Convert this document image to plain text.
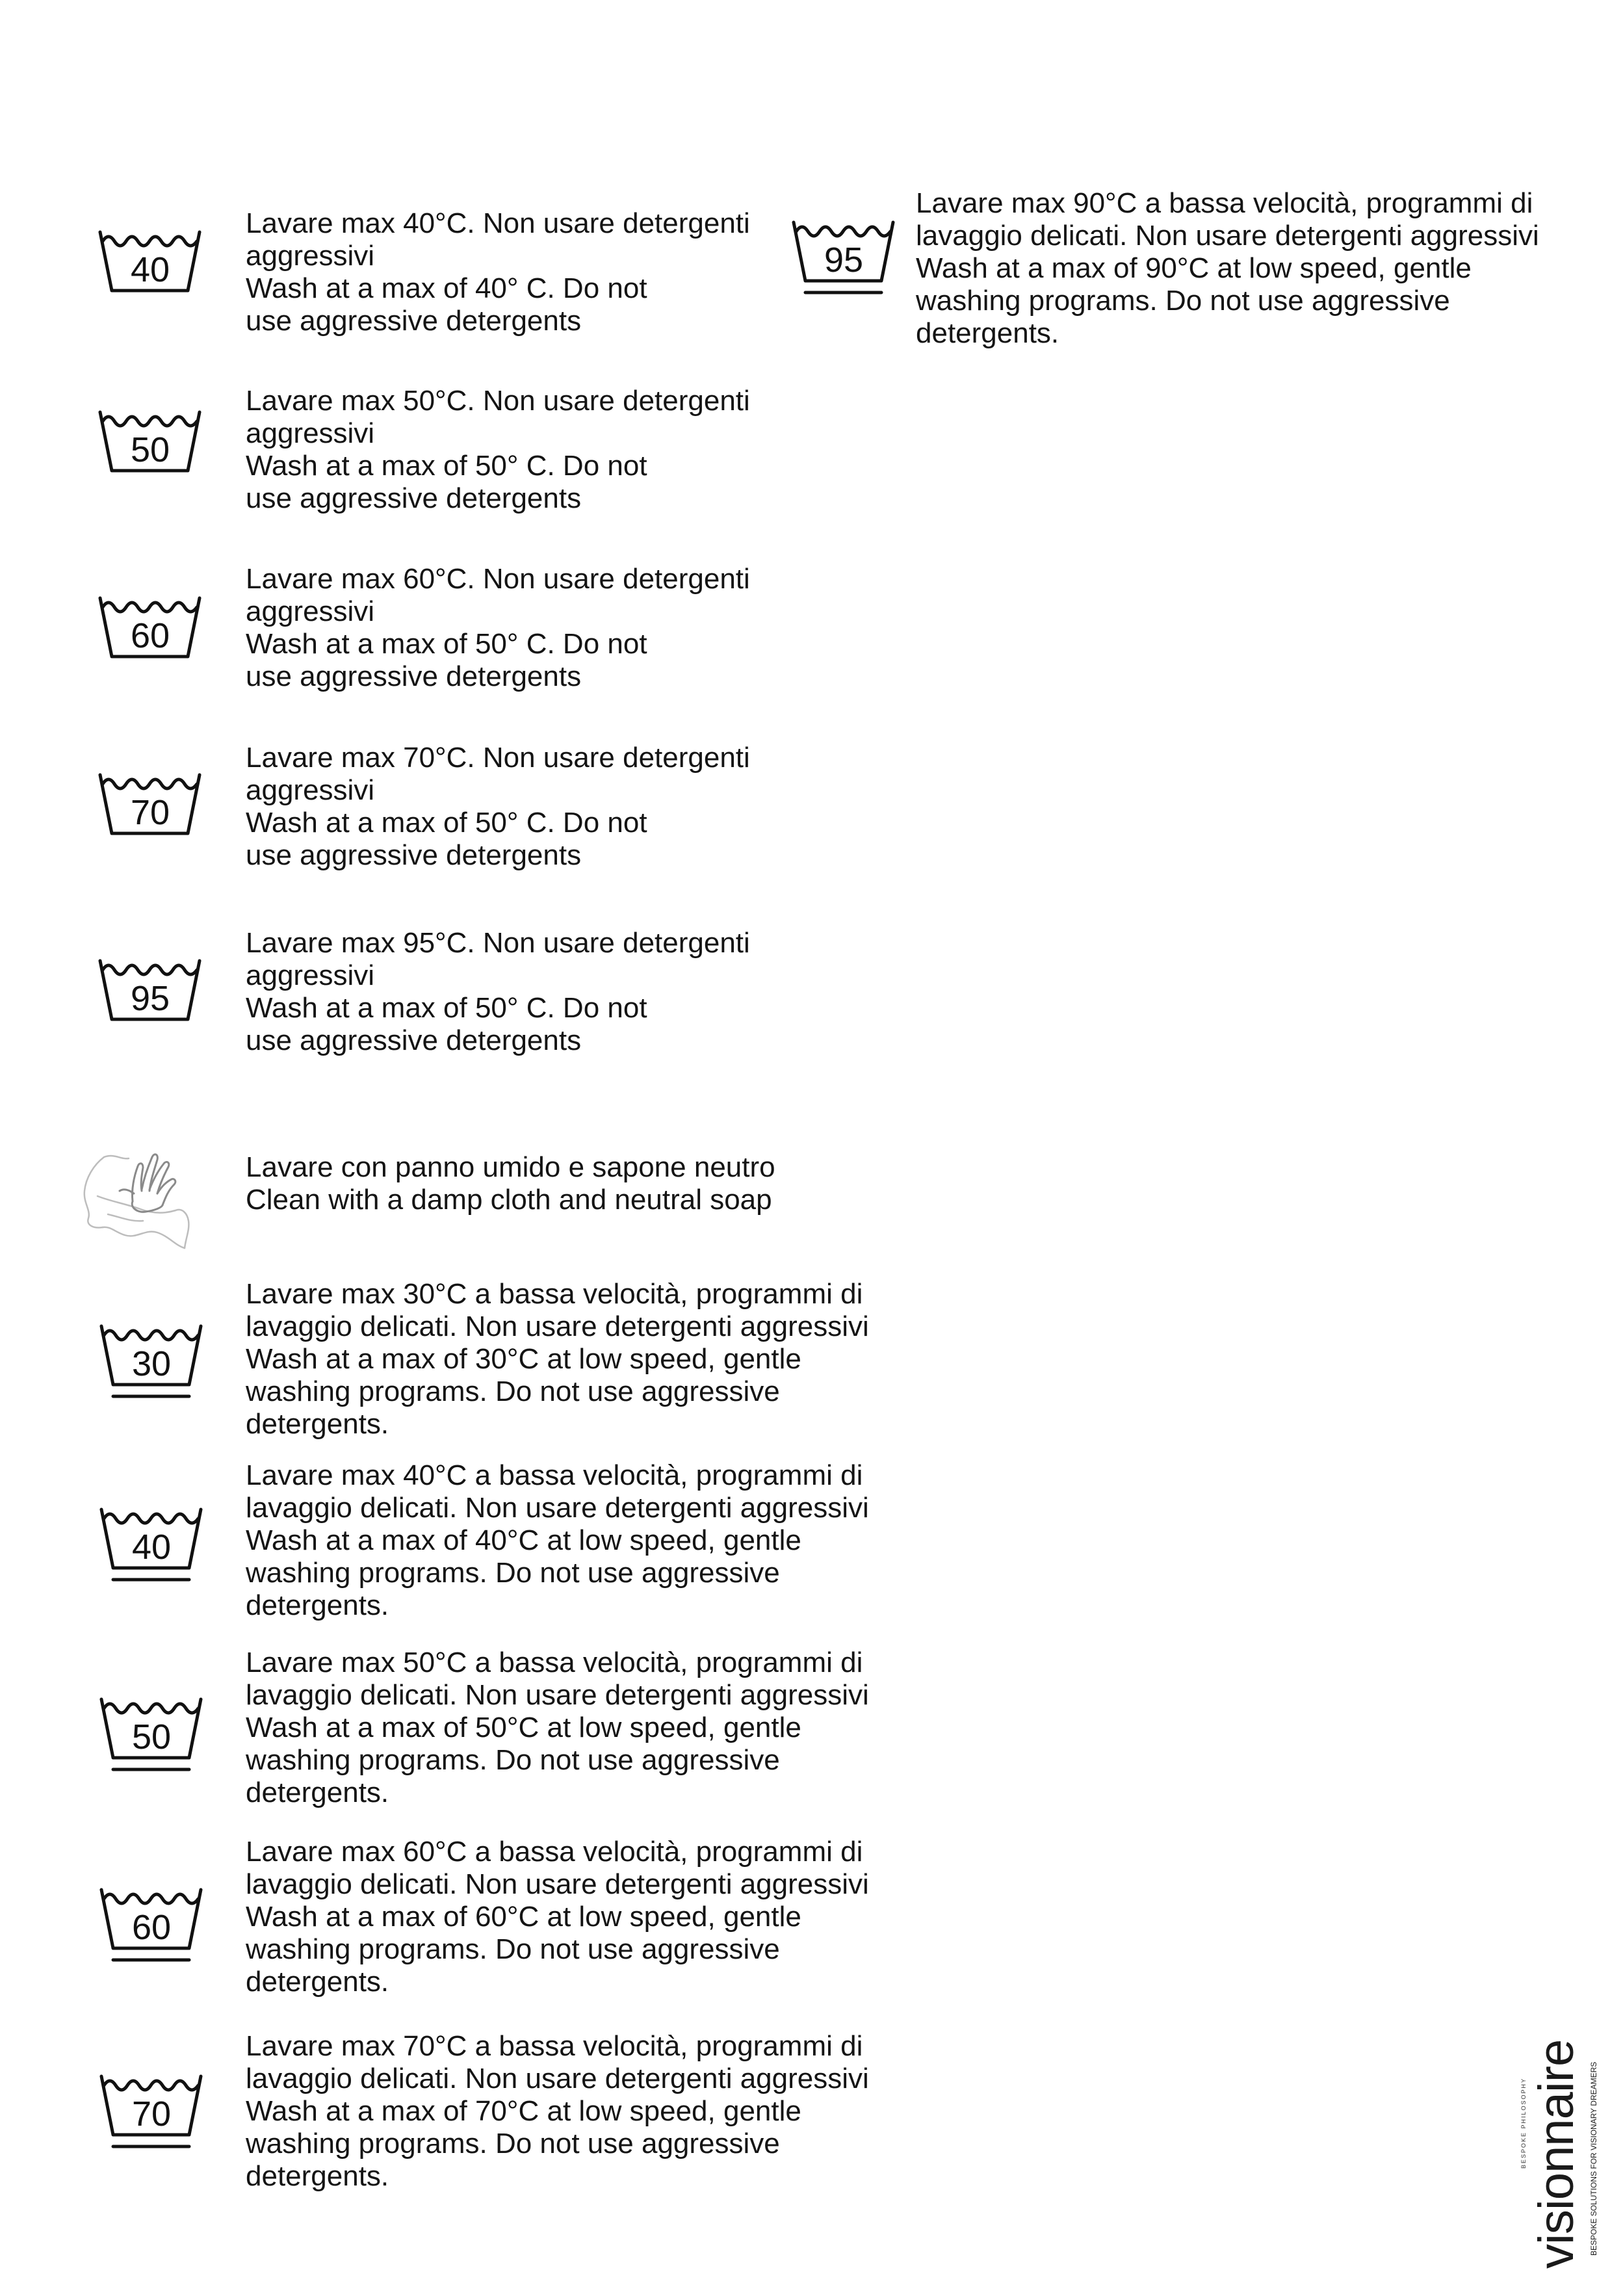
40
Lavare max 40°C. Non usare detergenti
aggressivi
Wash at a max of 40° C. Do not
use aggressive detergents
50
Lavare max 50°C. Non usare detergenti
aggressivi
Wash at a max of 50° C. Do not
use aggressive detergents
60
Lavare max 60°C. Non usare detergenti
aggressivi
Wash at a max of 50° C. Do not
use aggressive detergents
70
Lavare max 70°C. Non usare detergenti
aggressivi
Wash at a max of 50° C. Do not
use aggressive detergents
95
Lavare max 95°C. Non usare detergenti
aggressivi
Wash at a max of 50° C. Do not
use aggressive detergents
Lavare con panno umido e sapone neutro
Clean with a damp cloth and neutral soap
30
Lavare max 30°C a bassa velocità, programmi di
lavaggio delicati. Non usare detergenti aggressivi
Wash at a max of 30°C at low speed, gentle
washing programs. Do not use aggressive
detergents.
40
Lavare max 40°C a bassa velocità, programmi di
lavaggio delicati. Non usare detergenti aggressivi
Wash at a max of 40°C at low speed, gentle
washing programs. Do not use aggressive
detergents.
50
Lavare max 50°C a bassa velocità, programmi di
lavaggio delicati. Non usare detergenti aggressivi
Wash at a max of 50°C at low speed, gentle
washing programs. Do not use aggressive
detergents.
60
Lavare max 60°C a bassa velocità, programmi di
lavaggio delicati. Non usare detergenti aggressivi
Wash at a max of 60°C at low speed, gentle
washing programs. Do not use aggressive
detergents.
70
Lavare max 70°C a bassa velocità, programmi di
lavaggio delicati. Non usare detergenti aggressivi
Wash at a max of 70°C at low speed, gentle
washing programs. Do not use aggressive
detergents.
95
Lavare max 90°C a bassa velocità, programmi di
lavaggio delicati. Non usare detergenti aggressivi
Wash at a max of 90°C at low speed, gentle
washing programs. Do not use aggressive
detergents.
BESPOKE PHILOSOPHY visionnaire BESPOKE SOLUTIONS FOR VISIONARY DREAMERS
